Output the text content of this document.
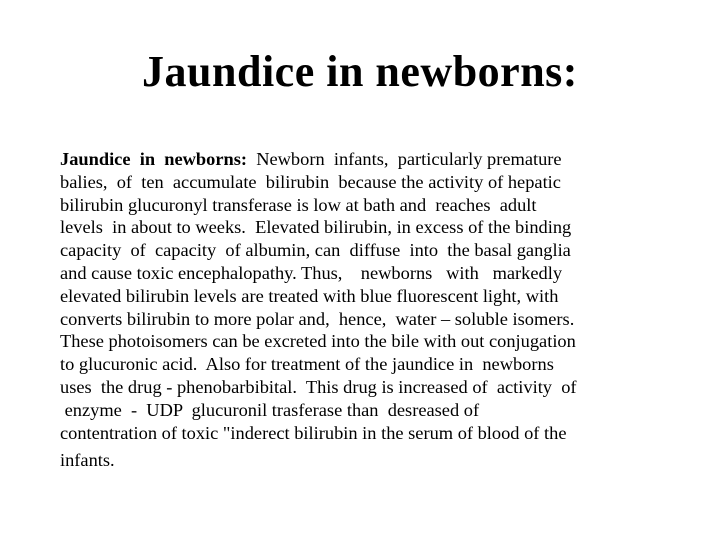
Jaundice in newborns:
Jaundice  in  newborns:  Newborn  infants,  particularly premature
balies,  of  ten  accumulate  bilirubin  because the activity of hepatic
bilirubin glucuronyl transferase is low at bath and  reaches  adult
levels  in about to weeks.  Elevated bilirubin, in excess of the binding
capacity  of  capacity  of albumin, can  diffuse  into  the basal ganglia
and cause toxic encephalopathy. Thus,    newborns   with   markedly
elevated bilirubin levels are treated with blue fluorescent light, with
converts bilirubin to more polar and,  hence,  water – soluble isomers.
These photoisomers can be excreted into the bile with out conjugation
to glucuronic acid.  Also for treatment of the jaundice in  newborns
uses  the drug - phenobarbibital.  This drug is increased of  activity  of
enzyme  -  UDP  glucuronil trasferase than  desreased of
contentration of toxic "inderect bilirubin in the serum of blood of the
infants.
